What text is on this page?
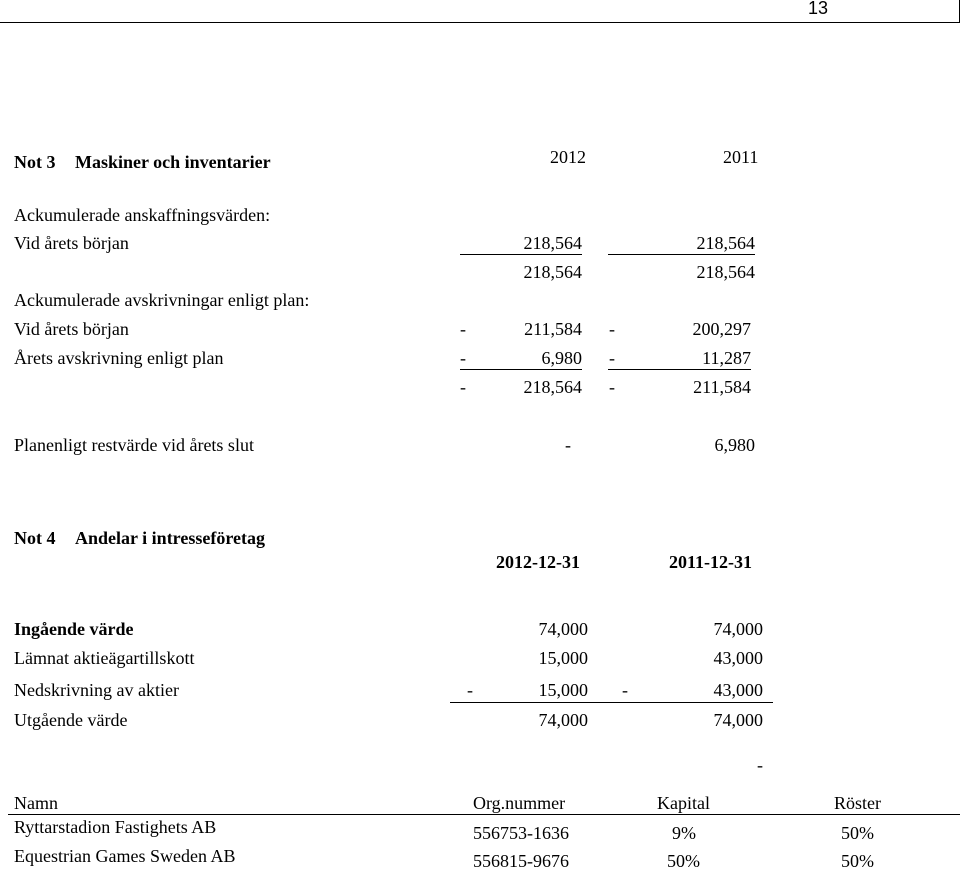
13
Not 3 Maskiner och inventarier	2012	2011
Ackumulerade anskaffningsvärden:
Vid årets början	218,564	218,564
218,564	218,564
Ackumulerade avskrivningar enligt plan:
Vid årets början	-	211,584 -	200,297
Årets avskrivning enligt plan	-	6,980 -	11,287
-	218,564 -	211,584
Planenligt restvärde vid årets slut	-	6,980
Not 4 Andelar i intresseföretag
2012-12-31	2011-12-31
Ingående värde	74,000	74,000
Lämnat aktieägartillskott	15,000	43,000
Nedskrivning av aktier	-	15,000 -	43,000
Utgående värde	74,000	74,000
-
Namn	Org.nummer	Kapital	Röster
Ryttarstadion Fastighets AB	556753-1636	9%	50%
Equestrian Games Sweden AB	556815-9676	50%	50%
